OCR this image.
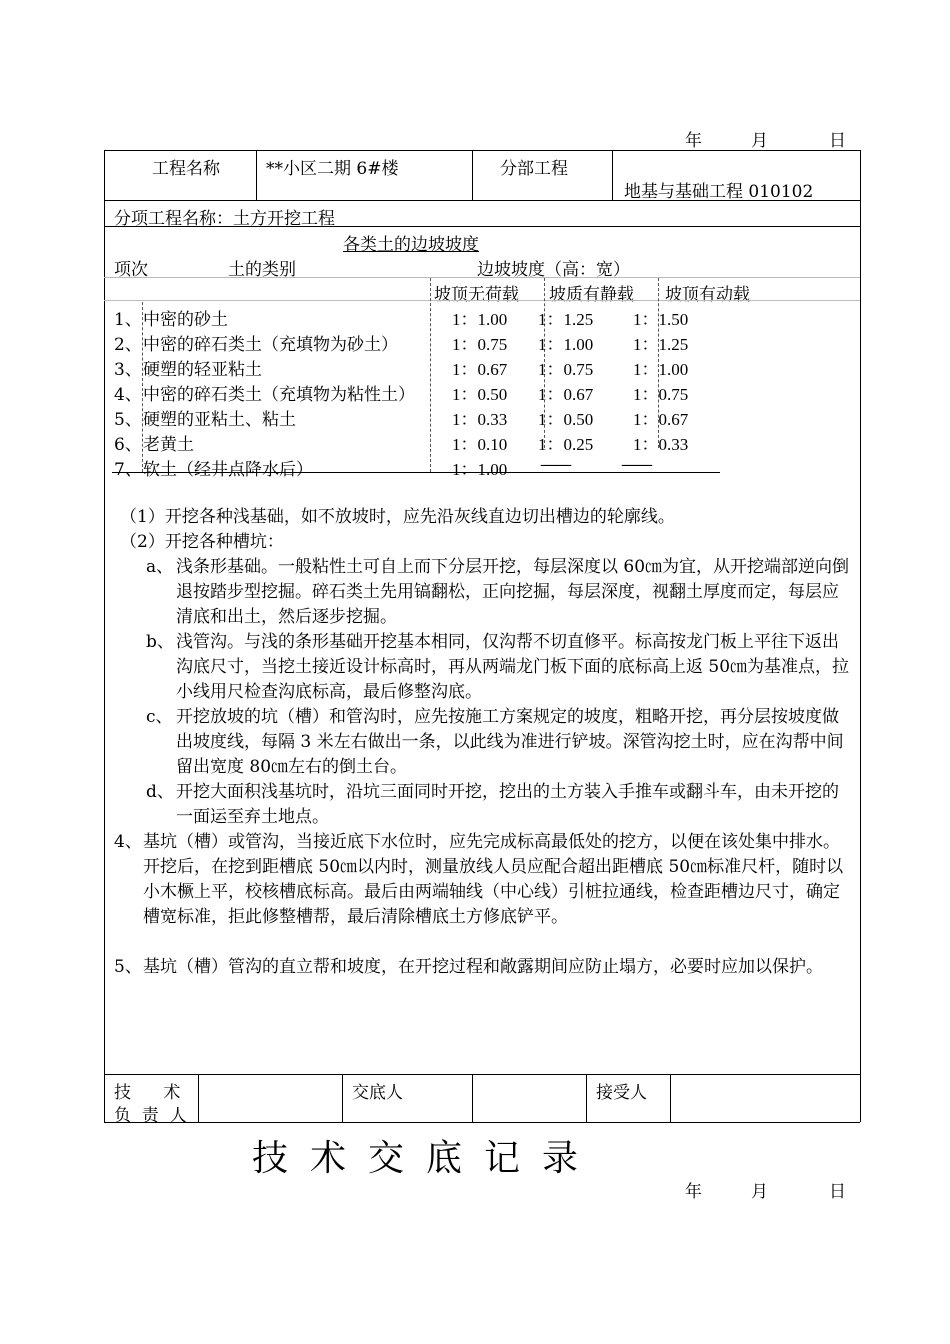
年	月	日
工程名称	**小区二期 6#楼	分部工程
地基与基础工程 010102
分项工程名称：土方开挖工程
各类土的边坡坡度
项次	土的类别	边坡坡度（高：宽）
坡顶无荷载 坡质有静载 坡顶有动载
1、 中密的砂土	1：1.00 1：1.25 1：1.50
2、 中密的碎石类土（充填物为砂土）	1：0.75 1：1.00 1：1.25
3、 硬塑的轻亚粘土	1：0.67 1：0.75 1：1.00
4、 中密的碎石类土（充填物为粘性土） 1：0.50 1：0.67 1：0.75
5、 硬塑的亚粘土、粘土	1：0.33 1：0.50 1：0.67
6、 老黄土	1：0.10 1：0.25 1：0.33
7、 软土（经井点降水后）	1：1.00 ——	——
（1）开挖各种浅基础，如不放坡时，应先沿灰线直边切出槽边的轮廓线。
（2）开挖各种槽坑：
a、 浅条形基础。一般粘性土可自上而下分层开挖，每层深度以 60㎝为宜，从开挖端部逆向倒退按踏步型挖掘。碎石类土先用镐翻松，正向挖掘，每层深度，视翻土厚度而定，每层应清底和出土，然后逐步挖掘。
b、 浅管沟。与浅的条形基础开挖基本相同，仅沟帮不切直修平。标高按龙门板上平往下返出沟底尺寸，当挖土接近设计标高时，再从两端龙门板下面的底标高上返 50㎝为基准点，拉小线用尺检查沟底标高，最后修整沟底。
c、 开挖放坡的坑（槽）和管沟时，应先按施工方案规定的坡度，粗略开挖，再分层按坡度做出坡度线，每隔 3 米左右做出一条，以此线为准进行铲坡。深管沟挖土时，应在沟帮中间留出宽度 80㎝左右的倒土台。
d、 开挖大面积浅基坑时，沿坑三面同时开挖，挖出的土方装入手推车或翻斗车，由未开挖的一面运至弃土地点。
4、 基坑（槽）或管沟，当接近底下水位时，应先完成标高最低处的挖方，以便在该处集中排水。开挖后，在挖到距槽底 50㎝以内时，测量放线人员应配合超出距槽底 50㎝标准尺杆，随时以小木橛上平，校核槽底标高。最后由两端轴线（中心线）引桩拉通线，检查距槽边尺寸，确定槽宽标准，拒此修整槽帮，最后清除槽底土方修底铲平。
5、 基坑（槽）管沟的直立帮和坡度，在开挖过程和敞露期间应防止塌方，必要时应加以保护。
技      术
负  责  人
交底人	接受人
技术交底记录
年	月	日
